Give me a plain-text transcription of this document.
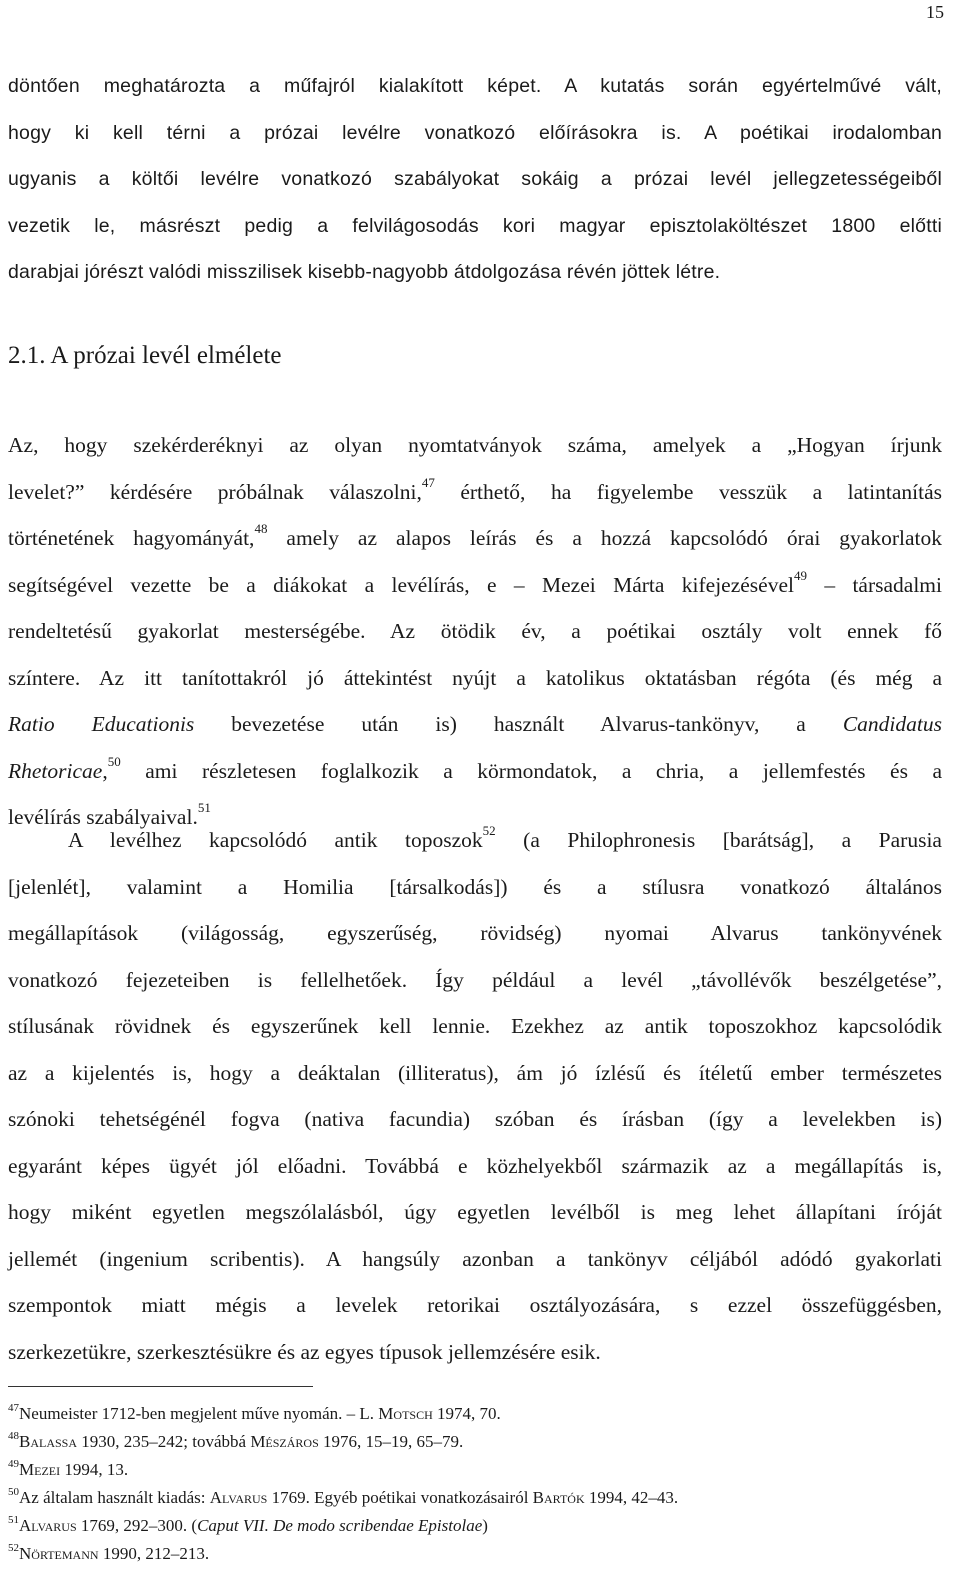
15
döntően meghatározta a műfajról kialakított képet. A kutatás során egyértelművé vált,
hogy ki kell térni a prózai levélre vonatkozó előírásokra is. A poétikai irodalomban
ugyanis a költői levélre vonatkozó szabályokat sokáig a prózai levél jellegzetességeiből
vezetik le, másrészt pedig a felvilágosodás kori magyar episztolaköltészet 1800 előtti
darabjai jórészt valódi misszilisek kisebb-nagyobb átdolgozása révén jöttek létre.
2.1. A prózai levél elmélete
Az, hogy szekérderéknyi az olyan nyomtatványok száma, amelyek a „Hogyan írjunk
levelet?” kérdésére próbálnak válaszolni,$^{47}$ érthető, ha figyelembe vesszük a latintanítás
történetének hagyományát,$^{48}$ amely az alapos leírás és a hozzá kapcsolódó órai gyakorlatok
segítségével vezette be a diákokat a levélírás, e – Mezei Márta kifejezésével$^{49}$ – társadalmi
rendeltetésű gyakorlat mesterségébe. Az ötödik év, a poétikai osztály volt ennek fő
színtere. Az itt tanítottakról jó áttekintést nyújt a katolikus oktatásban régóta (és még a
Ratio Educationis bevezetése után is) használt Alvarus-tankönyv, a Candidatus
Rhetoricae,$^{50}$ ami részletesen foglalkozik a körmondatok, a chria, a jellemfestés és a
levélírás szabályaival.$^{51}$
A levélhez kapcsolódó antik toposzok$^{52}$ (a Philophronesis [barátság], a Parusia
[jelenlét], valamint a Homilia [társalkodás]) és a stílusra vonatkozó általános
megállapítások (világosság, egyszerűség, rövidség) nyomai Alvarus tankönyvének
vonatkozó fejezeteiben is fellelhetőek. Így például a levél „távollévők beszélgetése”,
stílusának rövidnek és egyszerűnek kell lennie. Ezekhez az antik toposzokhoz kapcsolódik
az a kijelentés is, hogy a deáktalan (illiteratus), ám jó ízlésű és ítéletű ember természetes
szónoki tehetségénél fogva (nativa facundia) szóban és írásban (így a levelekben is)
egyaránt képes ügyét jól előadni. Továbbá e közhelyekből származik az a megállapítás is,
hogy miként egyetlen megszólalásból, úgy egyetlen levélből is meg lehet állapítani íróját
jellemét (ingenium scribentis). A hangsúly azonban a tankönyv céljából adódó gyakorlati
szempontok miatt mégis a levelek retorikai osztályozására, s ezzel összefüggésben,
szerkezetükre, szerkesztésükre és az egyes típusok jellemzésére esik.
$^{47}$Neumeister 1712-ben megjelent műve nyomán. – L. Motsch 1974, 70.
$^{48}$Balassa 1930, 235–242; továbbá Mészáros 1976, 15–19, 65–79.
$^{49}$Mezei 1994, 13.
$^{50}$Az általam használt kiadás: Alvarus 1769. Egyéb poétikai vonatkozásairól Bartók 1994, 42–43.
$^{51}$Alvarus 1769, 292–300. (Caput VII. De modo scribendae Epistolae)
$^{52}$Nörtemann 1990, 212–213.
